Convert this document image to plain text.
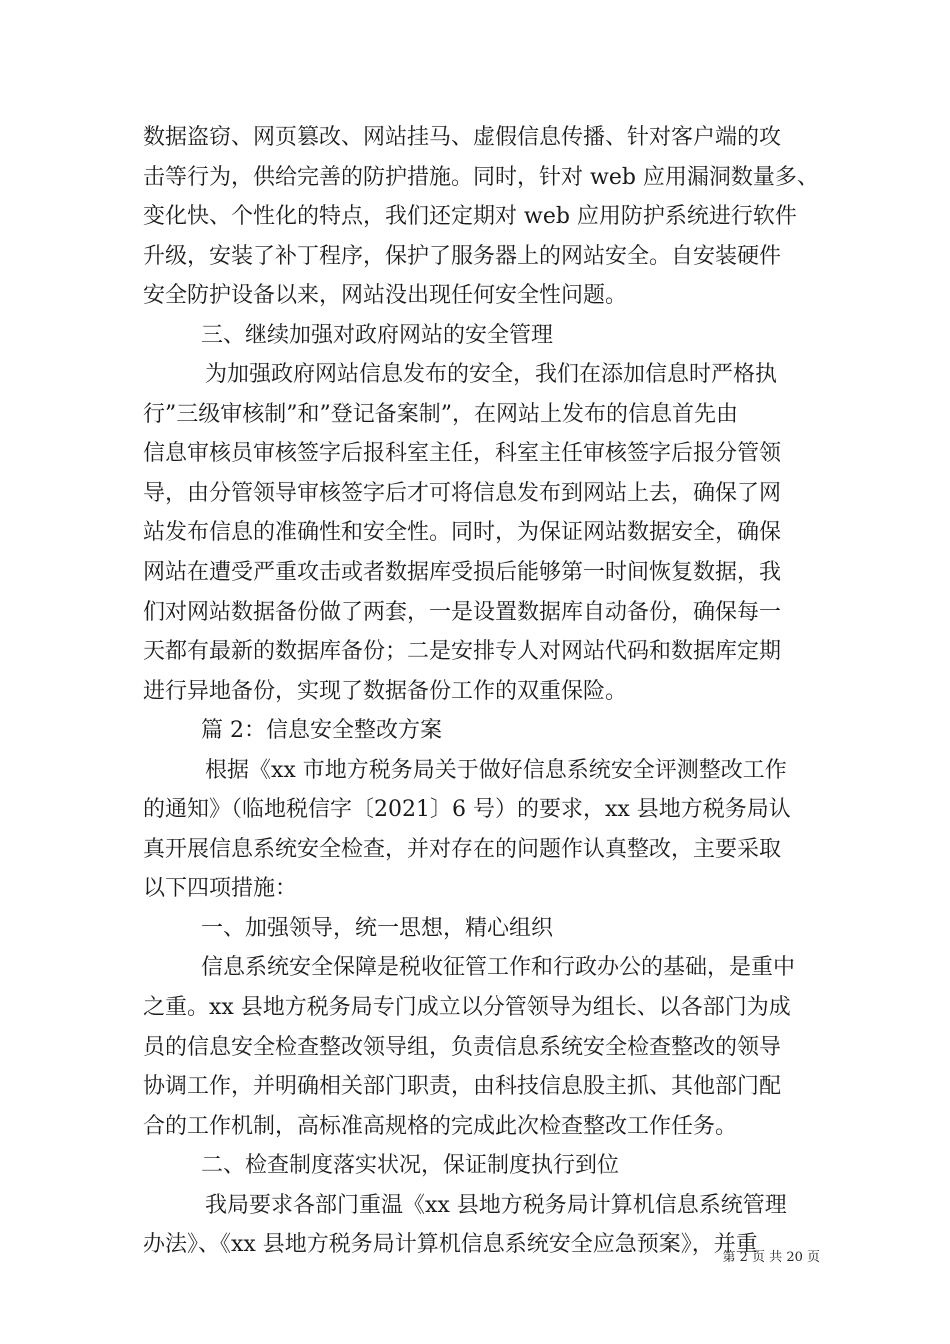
数据盗窃、网页篡改、网站挂马、虚假信息传播、针对客户端的攻
击等行为，供给完善的防护措施。同时，针对 web 应用漏洞数量多、
变化快、个性化的特点，我们还定期对 web 应用防护系统进行软件
升级，安装了补丁程序，保护了服务器上的网站安全。自安装硬件
安全防护设备以来，网站没出现任何安全性问题。
三、继续加强对政府网站的安全管理
为加强政府网站信息发布的安全，我们在添加信息时严格执
行”三级审核制”和”登记备案制”，在网站上发布的信息首先由
信息审核员审核签字后报科室主任，科室主任审核签字后报分管领
导，由分管领导审核签字后才可将信息发布到网站上去，确保了网
站发布信息的准确性和安全性。同时，为保证网站数据安全，确保
网站在遭受严重攻击或者数据库受损后能够第一时间恢复数据，我
们对网站数据备份做了两套，一是设置数据库自动备份，确保每一
天都有最新的数据库备份；二是安排专人对网站代码和数据库定期
进行异地备份，实现了数据备份工作的双重保险。
篇 2：信息安全整改方案
根据《xx 市地方税务局关于做好信息系统安全评测整改工作
的通知》（临地税信字〔2021〕6 号）的要求，xx 县地方税务局认
真开展信息系统安全检查，并对存在的问题作认真整改，主要采取
以下四项措施：
一、加强领导，统一思想，精心组织
信息系统安全保障是税收征管工作和行政办公的基础，是重中
之重。xx 县地方税务局专门成立以分管领导为组长、以各部门为成
员的信息安全检查整改领导组，负责信息系统安全检查整改的领导
协调工作，并明确相关部门职责，由科技信息股主抓、其他部门配
合的工作机制，高标准高规格的完成此次检查整改工作任务。
二、检查制度落实状况，保证制度执行到位
我局要求各部门重温《xx 县地方税务局计算机信息系统管理
办法》、《xx 县地方税务局计算机信息系统安全应急预案》，并重
第 2 页 共 20 页
